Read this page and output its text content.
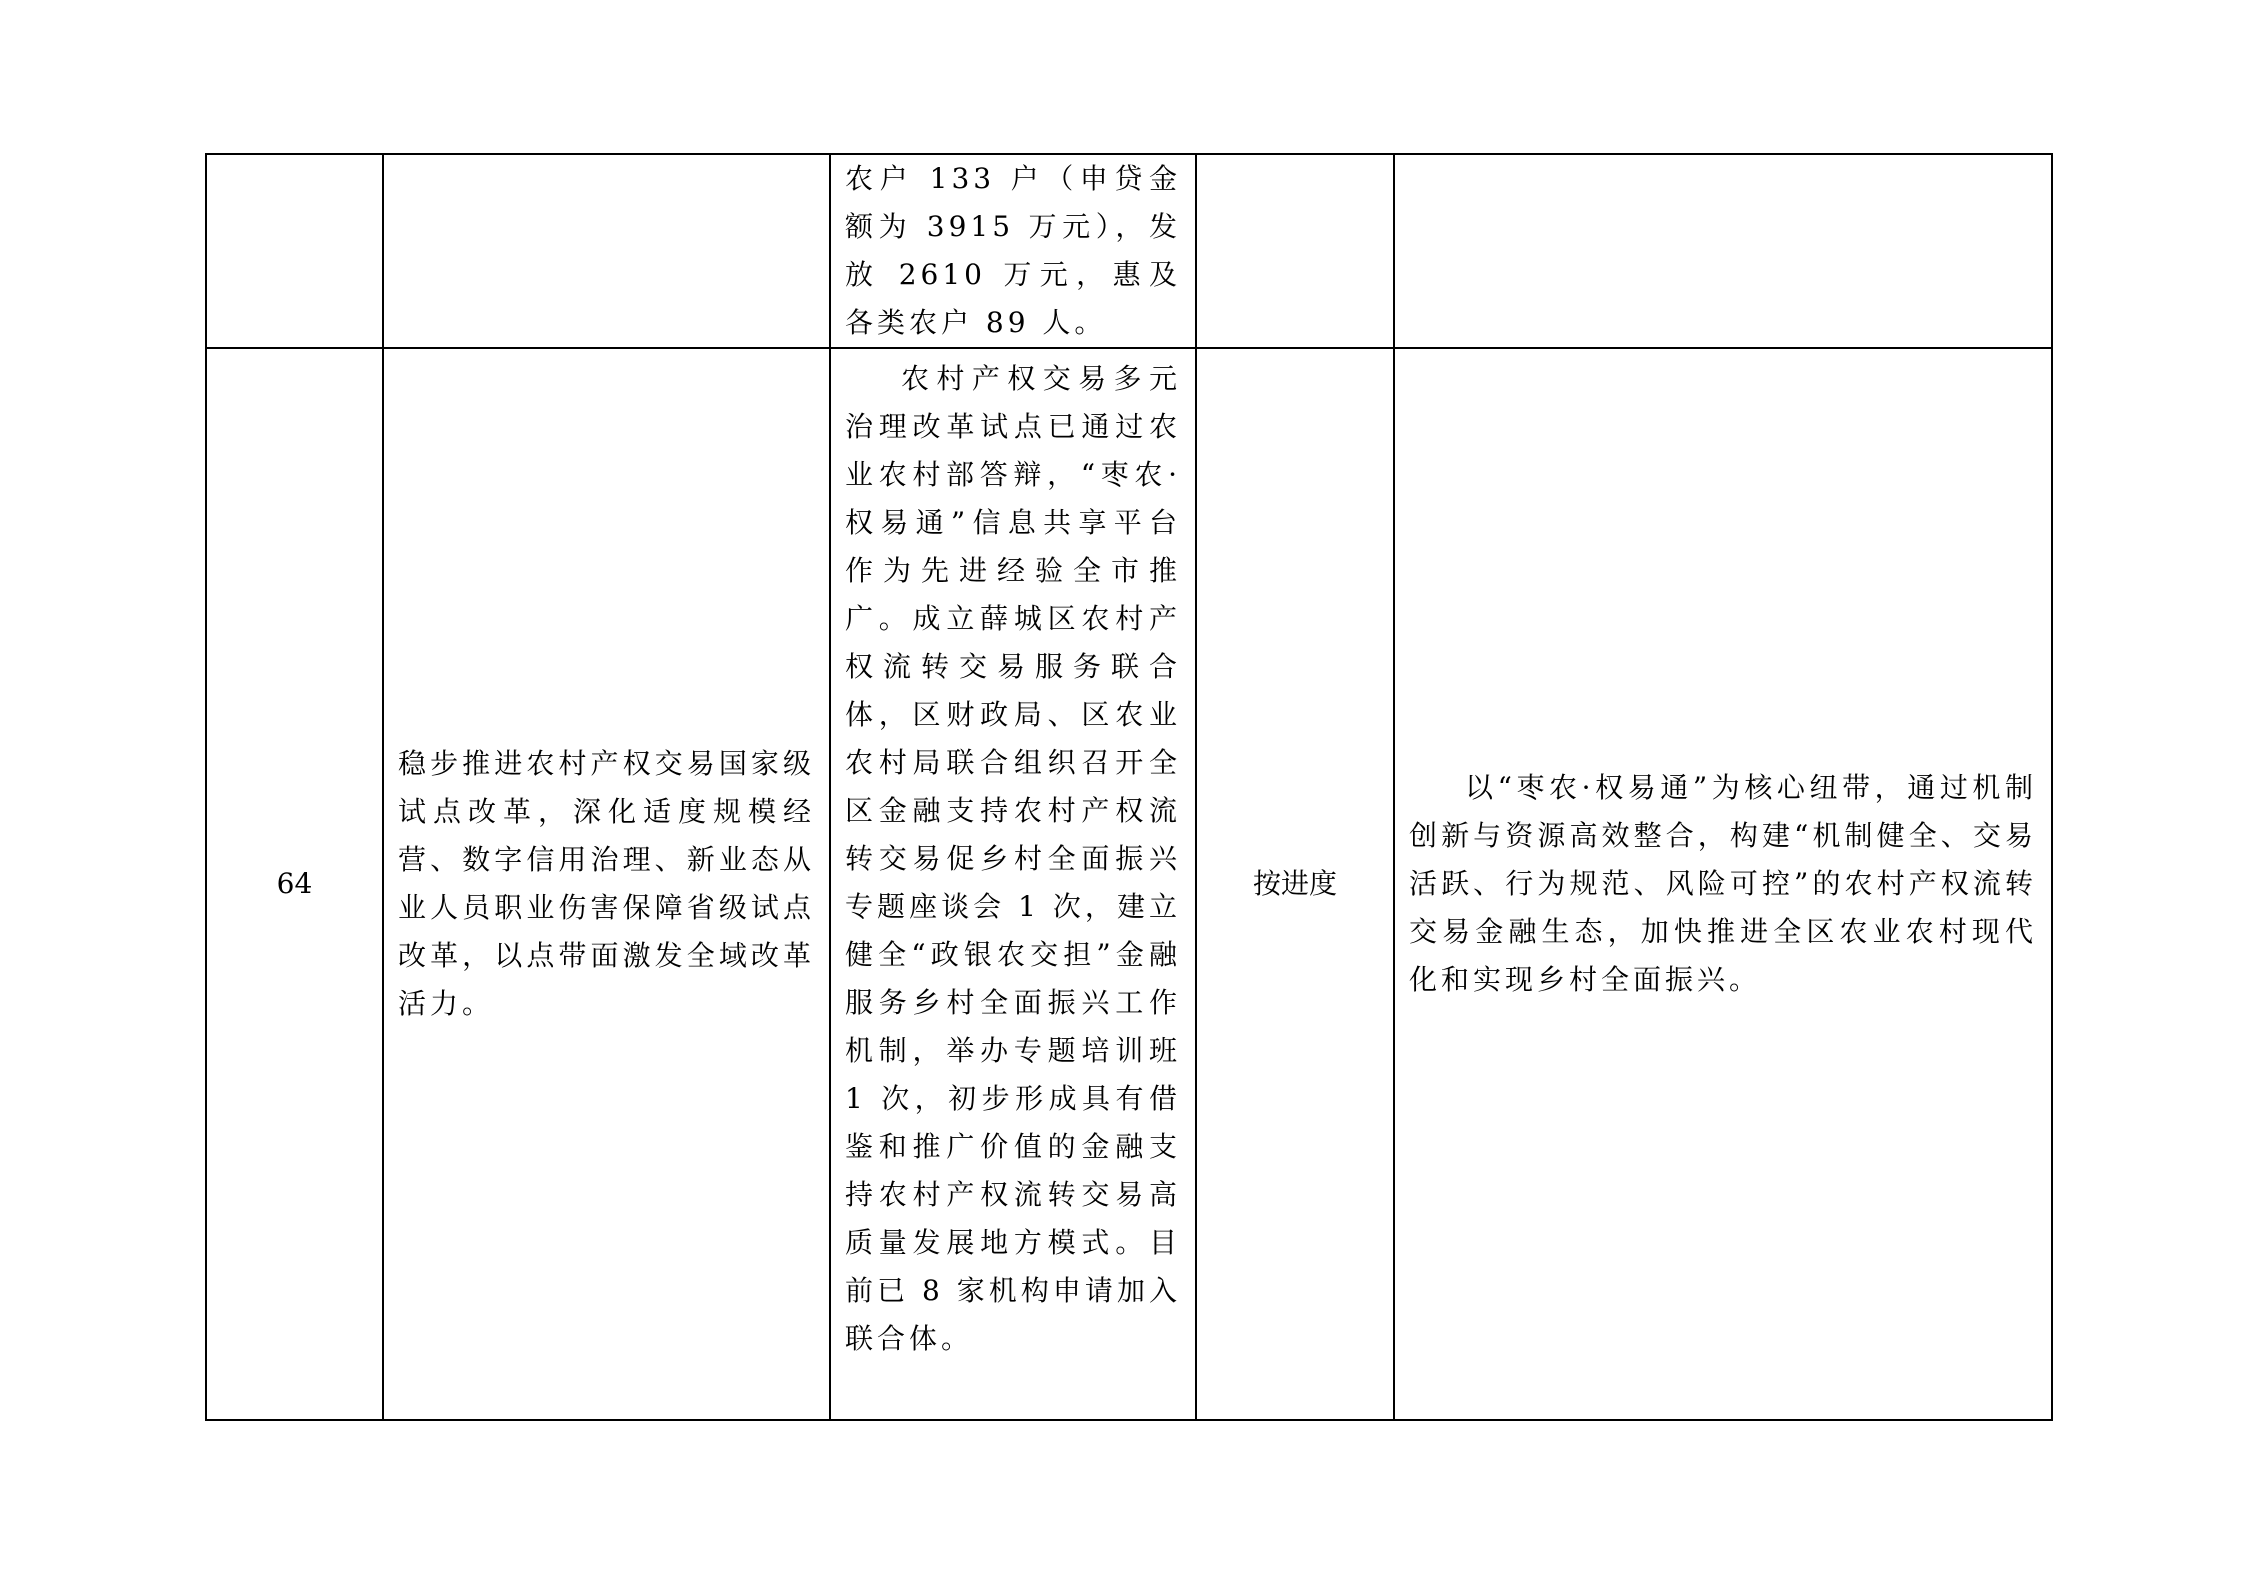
		农户 133 户（申贷金额为 3915 万元），发放 2610 万元，惠及各类农户 89 人。		
64	稳步推进农村产权交易国家级试点改革，深化适度规模经营、数字信用治理、新业态从业人员职业伤害保障省级试点改革，以点带面激发全域改革活力。	农村产权交易多元治理改革试点已通过农业农村部答辩，“枣农·权易通”信息共享平台作为先进经验全市推广。成立薛城区农村产权流转交易服务联合体，区财政局、区农业农村局联合组织召开全区金融支持农村产权流转交易促乡村全面振兴专题座谈会 1 次，建立健全“政银农交担”金融服务乡村全面振兴工作机制，举办专题培训班 1 次，初步形成具有借鉴和推广价值的金融支持农村产权流转交易高质量发展地方模式。目前已 8 家机构申请加入联合体。	按进度	以“枣农·权易通”为核心纽带，通过机制创新与资源高效整合，构建“机制健全、交易活跃、行为规范、风险可控”的农村产权流转交易金融生态，加快推进全区农业农村现代化和实现乡村全面振兴。
